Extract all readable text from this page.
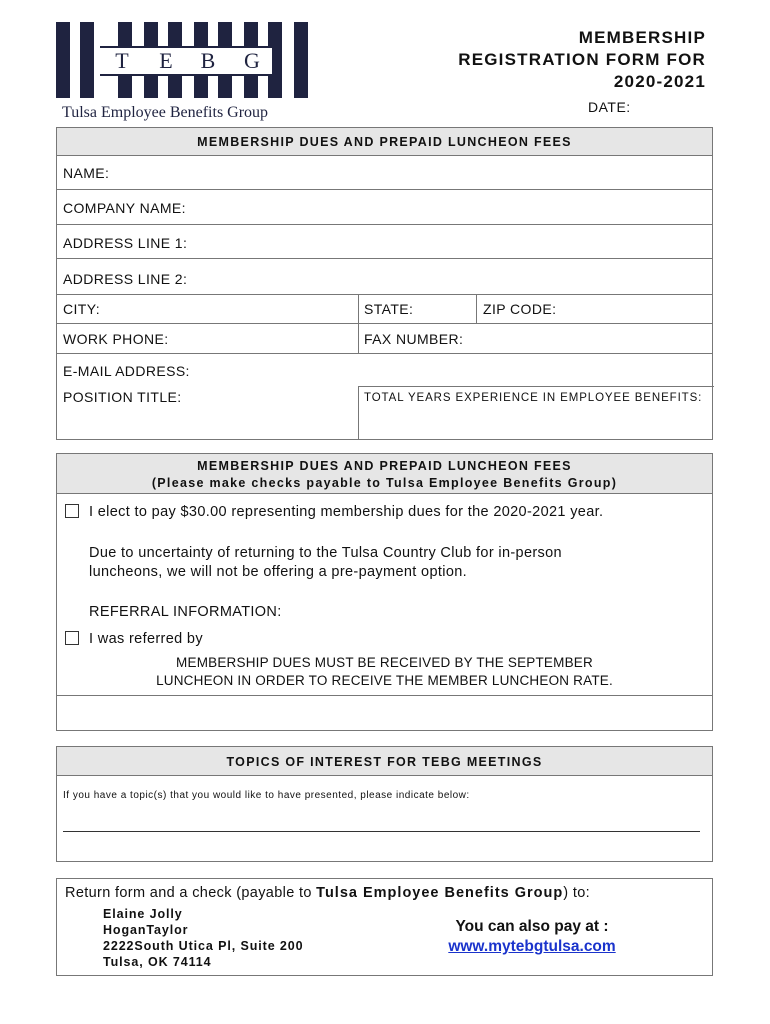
T	E	B	G
Tulsa Employee Benefits Group
MEMBERSHIP
REGISTRATION FORM FOR
2020-2021
DATE:
MEMBERSHIP DUES AND PREPAID LUNCHEON FEES
NAME:
COMPANY NAME:
ADDRESS LINE 1:
ADDRESS LINE 2:
CITY:	STATE:	ZIP CODE:
WORK PHONE:	FAX NUMBER:
E-MAIL ADDRESS:
POSITION TITLE:	TOTAL YEARS EXPERIENCE IN EMPLOYEE BENEFITS:
MEMBERSHIP DUES AND PREPAID LUNCHEON FEES
(Please make checks payable to Tulsa Employee Benefits Group)
I elect to pay $30.00 representing membership dues for the 2020-2021 year.
Due to uncertainty of returning to the Tulsa Country Club for in-person
luncheons, we will not be offering a pre-payment option.
REFERRAL INFORMATION:
I was referred by
MEMBERSHIP DUES MUST BE RECEIVED BY THE SEPTEMBER
LUNCHEON IN ORDER TO RECEIVE THE MEMBER LUNCHEON RATE.
TOPICS OF INTEREST FOR TEBG MEETINGS
If you have a topic(s) that you would like to have presented, please indicate below:
Return form and a check (payable to Tulsa Employee Benefits Group) to:
Elaine Jolly
HoganTaylor
2222South Utica Pl, Suite 200
Tulsa, OK 74114
You can also pay at :
www.mytebgtulsa.com
